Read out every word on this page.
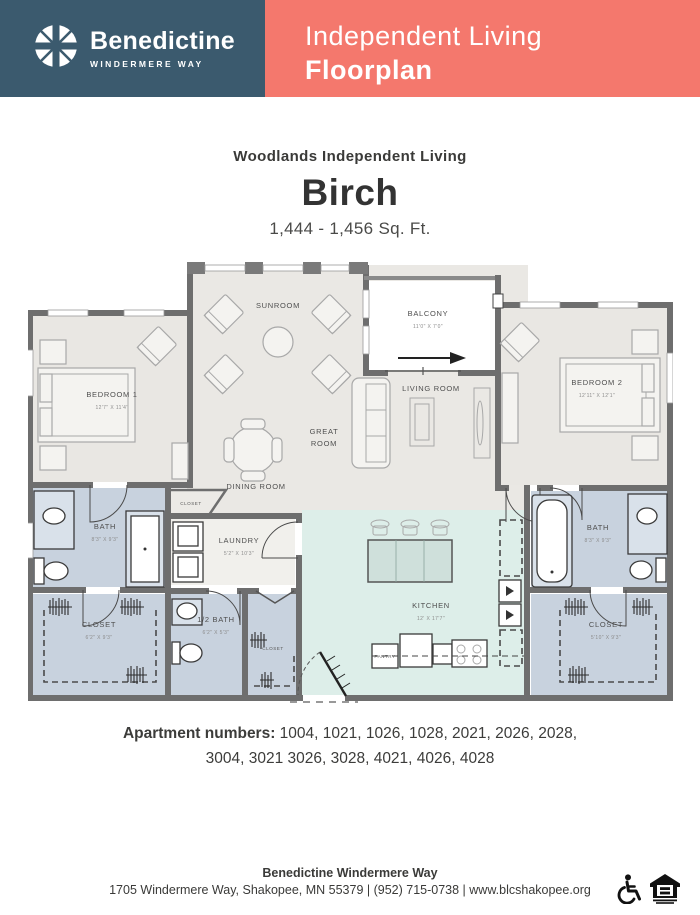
Benedictine
WINDERMERE WAY
Independent Living
Floorplan
Woodlands Independent Living
Birch
1,444 - 1,456 Sq. Ft.
BEDROOM 1
12'7" X 11'4"
BEDROOM 2
12'11" X 12'1"
SUNROOM
BALCONY
11'0" X 7'0"
LIVING ROOM
GREAT
ROOM
DINING ROOM
CLOSET
BATH
8'3" X 9'3"
CLOSET
6'2" X 9'3"
LAUNDRY
5'2" X 10'3"
1/2 BATH
6'2" X 5'3"
CLOSET
KITCHEN
12' X 17'7"
PANTRY
BATH
8'3" X 9'3"
CLOSET
5'10" X 9'3"
Apartment numbers: 1004, 1021, 1026, 1028, 2021, 2026, 2028,
3004, 3021 3026, 3028, 4021, 4026, 4028
Benedictine Windermere Way
1705 Windermere Way, Shakopee, MN 55379 | (952) 715-0738 | www.blcshakopee.org
